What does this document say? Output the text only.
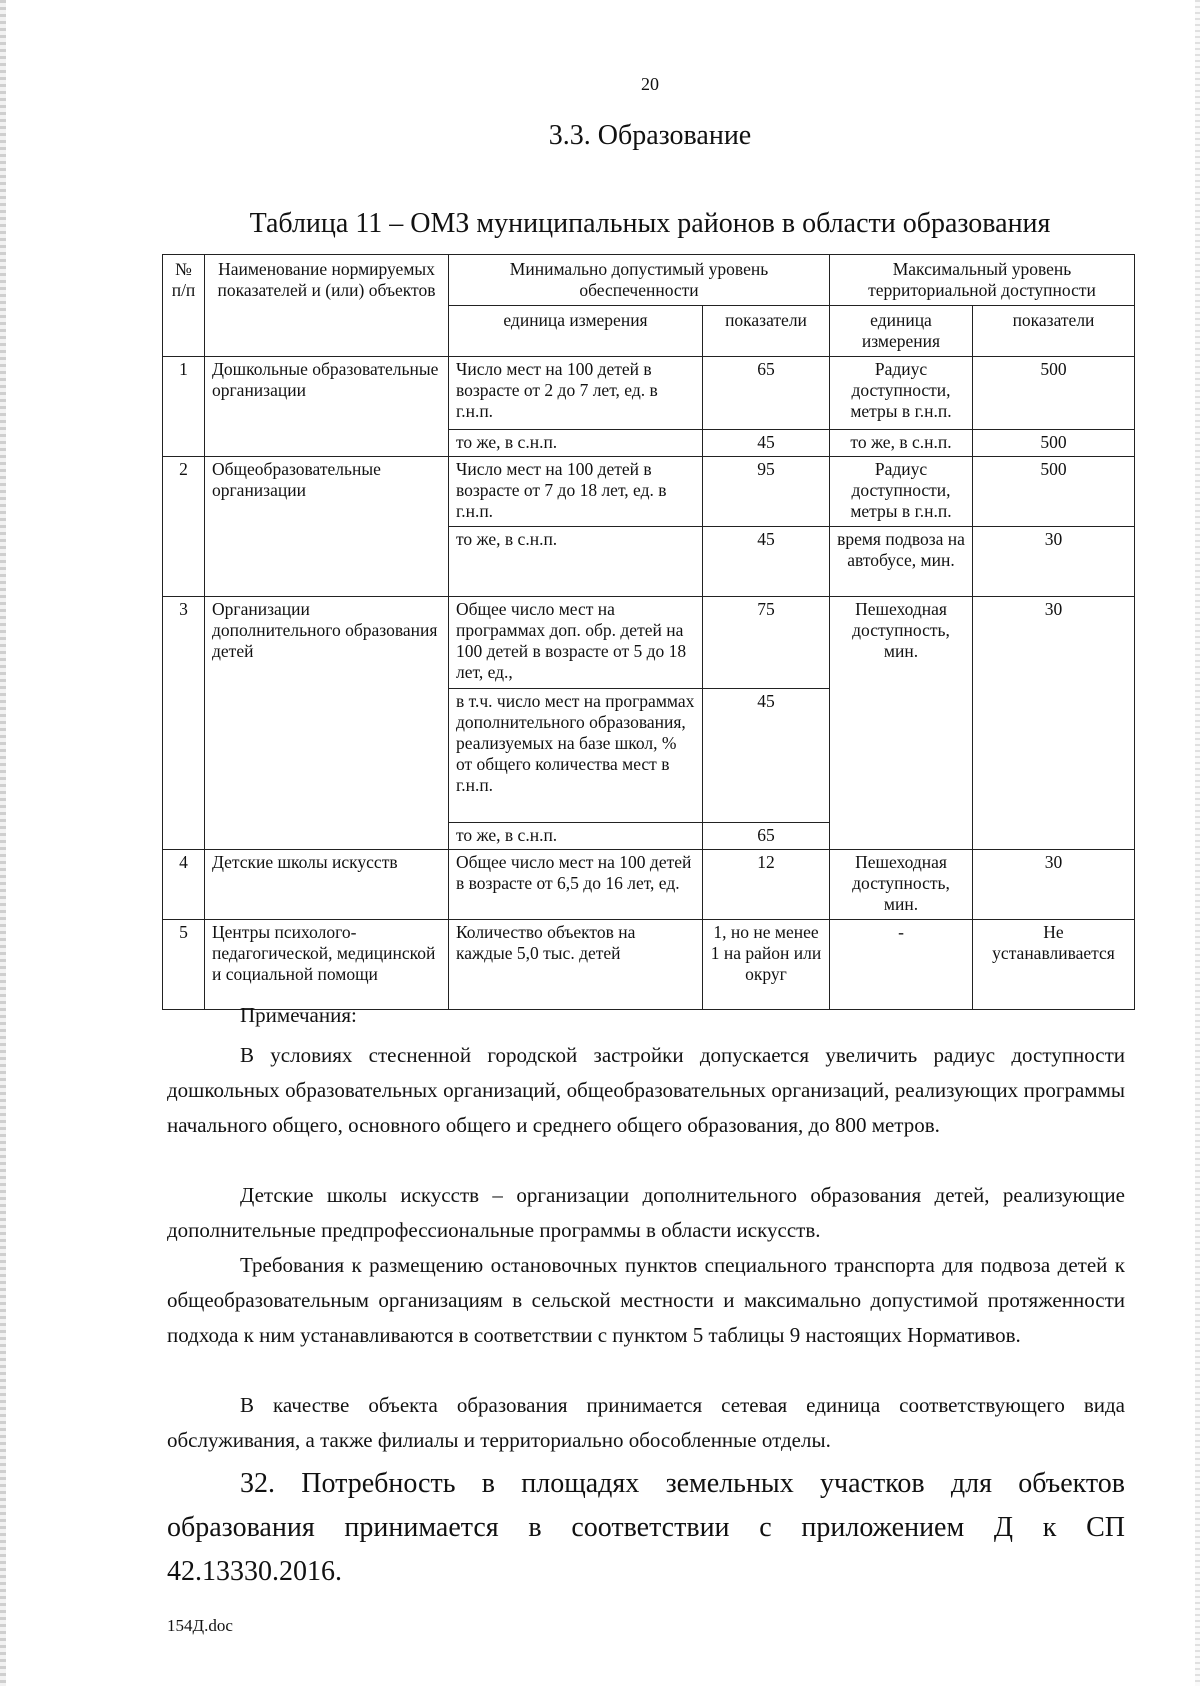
20
3.3. Образование
Таблица 11 – ОМЗ муниципальных районов в области образования
№ п/п	Наименование нормируемых показателей и (или) объектов	Минимально допустимый уровень обеспеченности		Максимальный уровень территориальной доступности	
		единица измерения	показатели	единица измерения	показатели
1	Дошкольные образовательные организации	Число мест на 100 детей в возрасте от 2 до 7 лет, ед. в г.н.п.	65	Радиус доступности, метры в г.н.п.	500
		то же, в с.н.п.	45	то же, в с.н.п.	500
2	Общеобразовательные организации	Число мест на 100 детей в возрасте от 7 до 18 лет, ед. в г.н.п.	95	Радиус доступности, метры в г.н.п.	500
		то же, в с.н.п.	45	время подвоза на автобусе, мин.	30
3	Организации дополнительного образования детей	Общее число мест на программах доп. обр. детей на 100 детей в возрасте от 5 до 18 лет, ед.,	75	Пешеходная доступность, мин.	30
		в т.ч. число мест на программах дополнительного образования, реализуемых на базе школ, % от общего количества мест в г.н.п.	45		
		то же, в с.н.п.	65		
4	Детские школы искусств	Общее число мест на 100 детей в возрасте от 6,5 до 16 лет, ед.	12	Пешеходная доступность, мин.	30
5	Центры психолого-педагогической, медицинской и социальной помощи	Количество объектов на каждые 5,0 тыс. детей	1, но не менее 1 на район или округ	-	Не устанавливается
Примечания:

В условиях стесненной городской застройки допускается увеличить радиус доступности дошкольных образовательных организаций, общеобразовательных организаций, реализующих программы начального общего, основного общего и среднего общего образования, до 800 метров.

Детские школы искусств – организации дополнительного образования детей, реализующие дополнительные предпрофессиональные программы в области искусств.

Требования к размещению остановочных пунктов специального транспорта для подвоза детей к общеобразовательным организациям в сельской местности и максимально допустимой протяженности подхода к ним устанавливаются в соответствии с пунктом 5 таблицы 9 настоящих Нормативов.

В качестве объекта образования принимается сетевая единица соответствующего вида обслуживания, а также филиалы и территориально обособленные отделы.

32. Потребность в площадях земельных участков для объектов образования принимается в соответствии с приложением Д к СП 42.13330.2016.

154Д.doc
